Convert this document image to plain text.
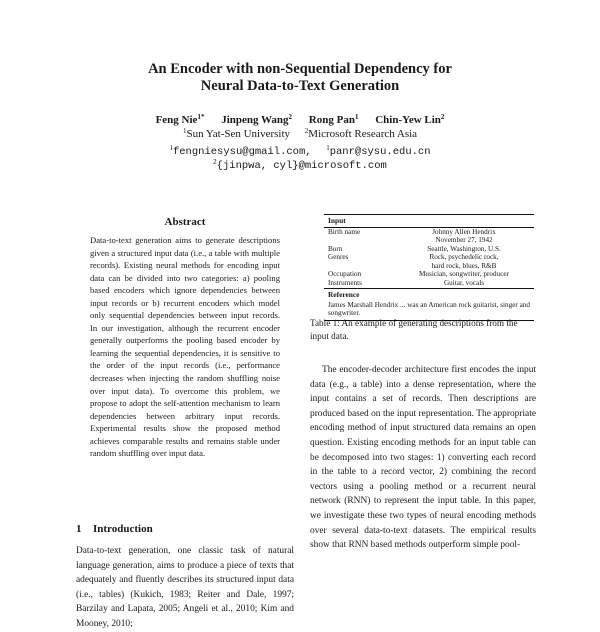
An Encoder with non-Sequential Dependency for
Neural Data-to-Text Generation
Feng Nie$^{1*}$ Jinpeng Wang$^2$ Rong Pan$^1$ Chin-Yew Lin$^2$
$^1$Sun Yat-Sen University $^2$Microsoft Research Asia
$^1$fengniesysu@gmail.com, $^1$panr@sysu.edu.cn
$^2${jinpwa, cyl}@microsoft.com
Abstract
Data-to-text generation aims to generate descriptions given a structured input data (i.e., a table with multiple records). Existing neural methods for encoding input data can be divided into two categories: a) pooling based encoders which ignore dependencies between input records or b) recurrent encoders which model only sequential dependencies between input records. In our investigation, although the recurrent encoder generally outperforms the pooling based encoder by learning the sequential dependencies, it is sensitive to the order of the input records (i.e., performance decreases when injecting the random shuffling noise over input data). To overcome this problem, we propose to adopt the self-attention mechanism to learn dependencies between arbitrary input records. Experimental results show the proposed method achieves comparable results and remains stable under random shuffling over input data.
1 Introduction
Data-to-text generation, one classic task of natural language generation, aims to produce a piece of texts that adequately and fluently describes its structured input data (i.e., tables) (Kukich, 1983; Reiter and Dale, 1997; Barzilay and Lapata, 2005; Angeli et al., 2010; Kim and Mooney, 2010;
Input
Birth name	Johnny Allen Hendrix
November 27, 1942
Born	Seattle, Washington, U.S.
Genres	Rock, psychedelic rock,
hard rock, blues, R&B
Occupation	Musician, songwriter, producer
Instruments	Guitar, vocals
Reference
James Marshall Hendrix ... was an American rock guitarist, singer and songwriter.
Table 1: An example of generating descriptions from the input data.
The encoder-decoder architecture first encodes the input data (e.g., a table) into a dense representation, where the input contains a set of records. Then descriptions are produced based on the input representation. The appropriate encoding method of input structured data remains an open question. Existing encoding methods for an input table can be decomposed into two stages: 1) converting each record in the table to a record vector, 2) combining the record vectors using a pooling method or a recurrent neural network (RNN) to represent the input table. In this paper, we investigate these two types of neural encoding methods over several data-to-text datasets. The empirical results show that RNN based methods outperform simple pool-
